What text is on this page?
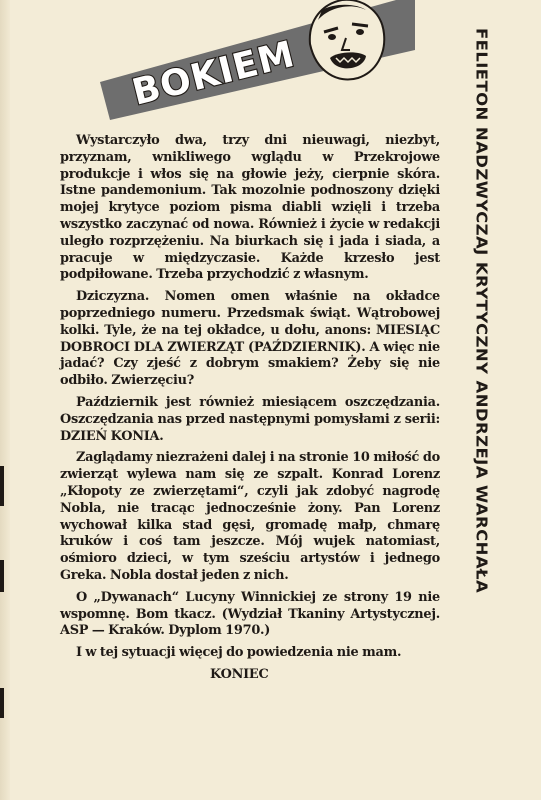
BOKIEM	FELIETON NADZWYCZAJ KRYTYCZNY ANDRZEJA WARCHAŁA

Wystarczyło dwa, trzy dni nieuwagi, niezbyt, przyznam, wnikliwego wglądu w Przekrojowe produkcje i włos się na głowie jeży, cierpnie skóra. Istne pandemonium. Tak mozolnie podnoszony dzięki mojej krytyce poziom pisma diabli wzięli i trzeba wszystko zaczynać od nowa. Również i życie w redakcji uległo rozprzężeniu. Na biurkach się i jada i siada, a pracuje w międzyczasie. Każde krzesło jest podpiłowane. Trzeba przychodzić z własnym.

Dziczyzna. Nomen omen właśnie na okładce poprzedniego numeru. Przedsmak świąt. Wątrobowej kolki. Tyle, że na tej okładce, u dołu, anons: MIESIĄC DOBROCI DLA ZWIERZĄT (PAŹDZIERNIK). A więc nie jadać? Czy zjeść z dobrym smakiem? Żeby się nie odbiło. Zwierzęciu?

Październik jest również miesiącem oszczędzania. Oszczędzania nas przed następnymi pomysłami z serii: DZIEŃ KONIA.

Zaglądamy niezrażeni dalej i na stronie 10 miłość do zwierząt wylewa nam się ze szpalt. Konrad Lorenz „Kłopoty ze zwierzętami“, czyli jak zdobyć nagrodę Nobla, nie tracąc jednocześnie żony. Pan Lorenz wychował kilka stad gęsi, gromadę małp, chmarę kruków i coś tam jeszcze. Mój wujek natomiast, ośmioro dzieci, w tym sześciu artystów i jednego Greka. Nobla dostał jeden z nich.

O „Dywanach“ Lucyny Winnickiej ze strony 19 nie wspomnę. Bom tkacz. (Wydział Tkaniny Artystycznej. ASP — Kraków. Dyplom 1970.)

I w tej sytuacji więcej do powiedzenia nie mam.

KONIEC
